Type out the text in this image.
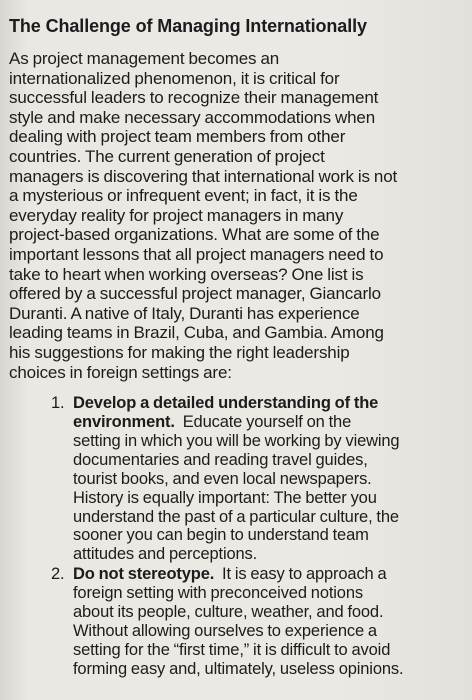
The Challenge of Managing Internationally

As project management becomes an
internationalized phenomenon, it is critical for
successful leaders to recognize their management
style and make necessary accommodations when
dealing with project team members from other
countries. The current generation of project
managers is discovering that international work is not
a mysterious or infrequent event; in fact, it is the
everyday reality for project managers in many
project-based organizations. What are some of the
important lessons that all project managers need to
take to heart when working overseas? One list is
offered by a successful project manager, Giancarlo
Duranti. A native of Italy, Duranti has experience
leading teams in Brazil, Cuba, and Gambia. Among
his suggestions for making the right leadership
choices in foreign settings are:

1. Develop a detailed understanding of the
environment. Educate yourself on the
setting in which you will be working by viewing
documentaries and reading travel guides,
tourist books, and even local newspapers.
History is equally important: The better you
understand the past of a particular culture, the
sooner you can begin to understand team
attitudes and perceptions.
2. Do not stereotype. It is easy to approach a
foreign setting with preconceived notions
about its people, culture, weather, and food.
Without allowing ourselves to experience a
setting for the “first time,” it is difficult to avoid
forming easy and, ultimately, useless opinions.
